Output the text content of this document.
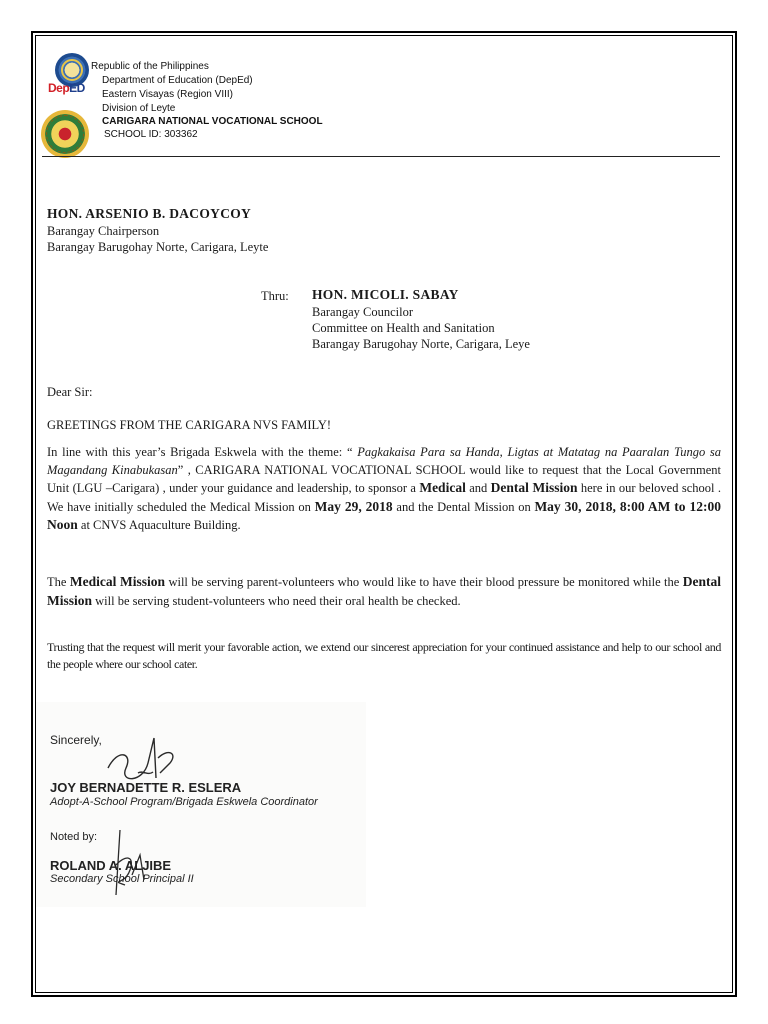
DepED
Republic of the Philippines
Department of Education (DepEd)
Eastern Visayas (Region VIII)
Division of Leyte
CARIGARA NATIONAL VOCATIONAL SCHOOL
SCHOOL ID: 303362
HON. ARSENIO B. DACOYCOY
Barangay Chairperson
Barangay Barugohay Norte, Carigara, Leyte
Thru: HON. MICOLI. SABAY
Barangay Councilor
Committee on Health and Sanitation
Barangay Barugohay Norte, Carigara, Leye
Dear Sir:
GREETINGS FROM THE CARIGARA NVS FAMILY!
In line with this year’s Brigada Eskwela with the theme: “ Pagkakaisa Para sa Handa, Ligtas at Matatag na Paaralan Tungo sa Magandang Kinabukasan” , CARIGARA NATIONAL VOCATIONAL SCHOOL would like to request that the Local Government Unit (LGU –Carigara) , under your guidance and leadership, to sponsor a Medical and Dental Mission here in our beloved school . We have initially scheduled the Medical Mission on May 29, 2018 and the Dental Mission on May 30, 2018, 8:00 AM to 12:00 Noon at CNVS Aquaculture Building.
The Medical Mission will be serving parent-volunteers who would like to have their blood pressure be monitored while the Dental Mission will be serving student-volunteers who need their oral health be checked.
Trusting that the request will merit your favorable action, we extend our sincerest appreciation for your continued assistance and help to our school and the people where our school cater.
Sincerely,
JOY BERNADETTE R. ESLERA
Adopt-A-School Program/Brigada Eskwela Coordinator
Noted by:
ROLAND A. ALJIBE
Secondary School Principal II
